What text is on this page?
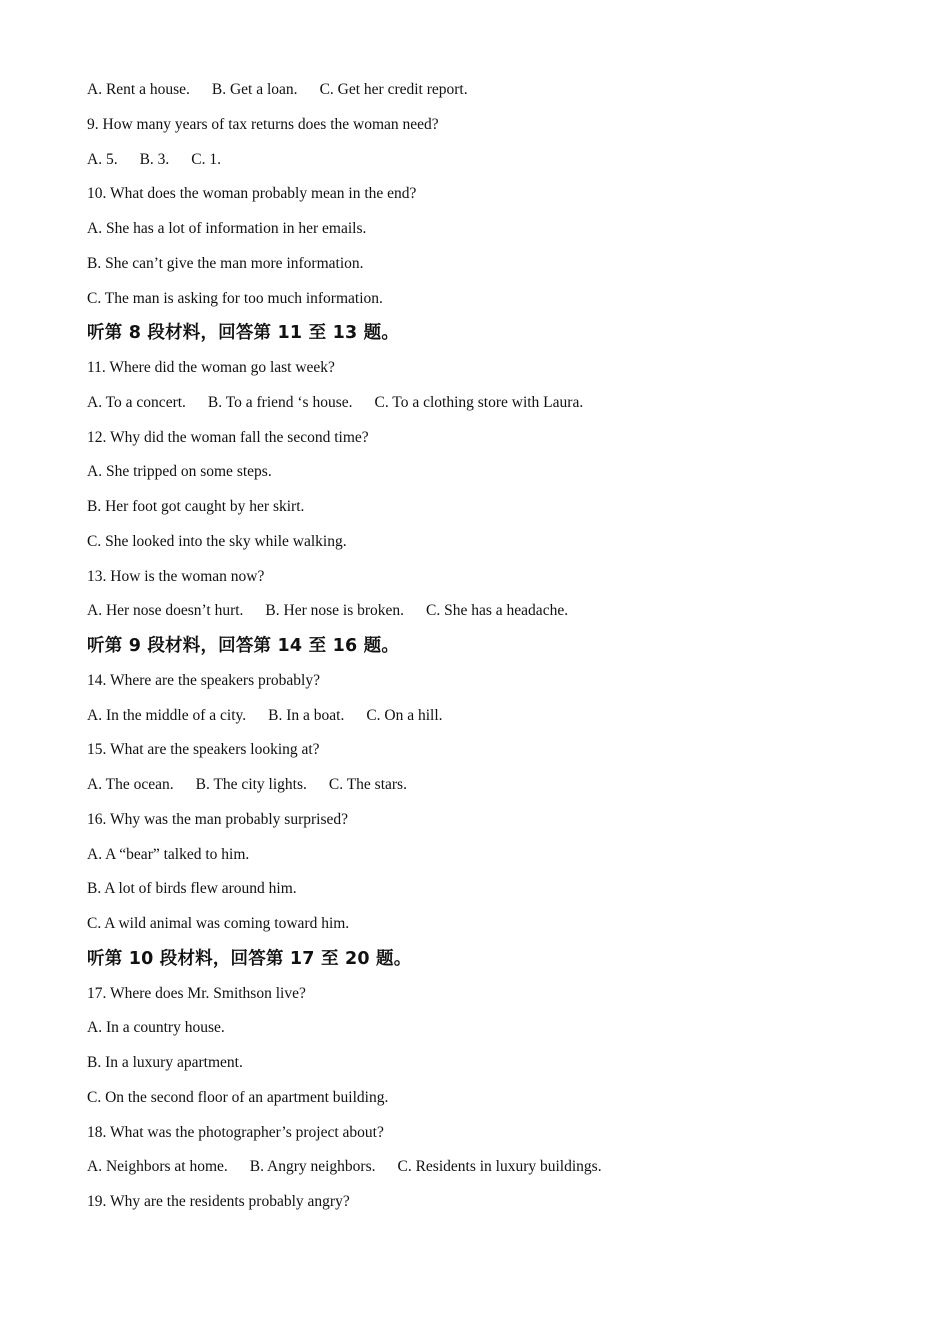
A. Rent a house. B. Get a loan. C. Get her credit report.
9. How many years of tax returns does the woman need?
A. 5. B. 3. C. 1.
10. What does the woman probably mean in the end?
A. She has a lot of information in her emails.
B. She can’t give the man more information.
C. The man is asking for too much information.
听第 8 段材料，回答第 11 至 13 题。
11. Where did the woman go last week?
A. To a concert. B. To a friend ‘s house. C. To a clothing store with Laura.
12. Why did the woman fall the second time?
A. She tripped on some steps.
B. Her foot got caught by her skirt.
C. She looked into the sky while walking.
13. How is the woman now?
A. Her nose doesn’t hurt. B. Her nose is broken. C. She has a headache.
听第 9 段材料，回答第 14 至 16 题。
14. Where are the speakers probably?
A. In the middle of a city. B. In a boat. C. On a hill.
15. What are the speakers looking at?
A. The ocean. B. The city lights. C. The stars.
16. Why was the man probably surprised?
A. A “bear” talked to him.
B. A lot of birds flew around him.
C. A wild animal was coming toward him.
听第 10 段材料，回答第 17 至 20 题。
17. Where does Mr. Smithson live?
A. In a country house.
B. In a luxury apartment.
C. On the second floor of an apartment building.
18. What was the photographer’s project about?
A. Neighbors at home. B. Angry neighbors. C. Residents in luxury buildings.
19. Why are the residents probably angry?
